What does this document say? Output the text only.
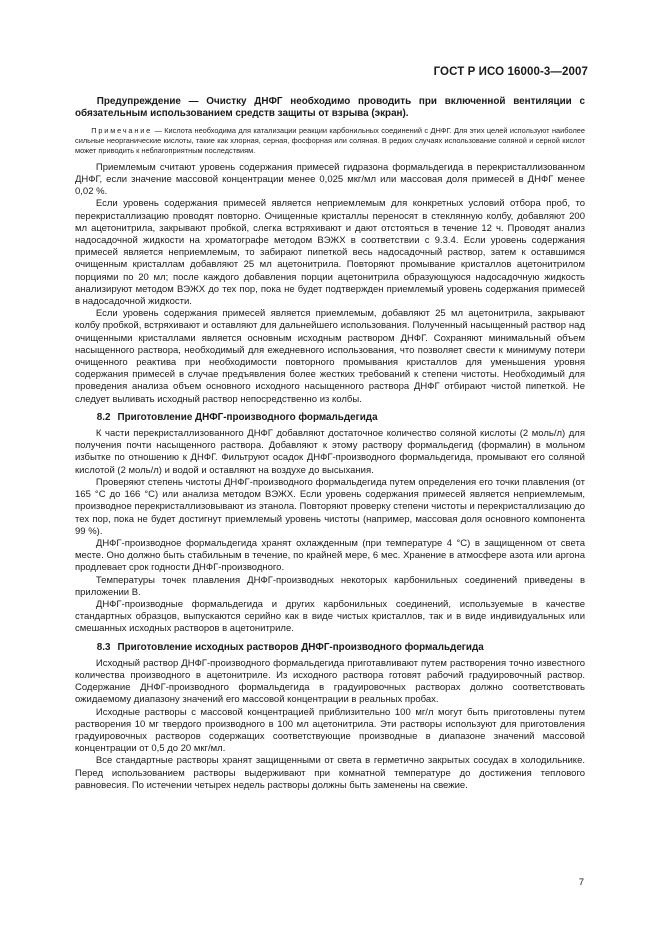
ГОСТ Р ИСО 16000-3—2007

Предупреждение — Очистку ДНФГ необходимо проводить при включенной вентиляции с обязательным использованием средств защиты от взрыва (экран).

Примечание — Кислота необходима для катализации реакции карбонильных соединений с ДНФГ. Для этих целей используют наиболее сильные неорганические кислоты, такие как хлорная, серная, фосфорная или соляная. В редких случаях использование соляной и серной кислот может приводить к неблагоприятным последствиям.

Приемлемым считают уровень содержания примесей гидразона формальдегида в перекристаллизованном ДНФГ, если значение массовой концентрации менее 0,025 мкг/мл или массовая доля примесей в ДНФГ менее 0,02 %.

Если уровень содержания примесей является неприемлемым для конкретных условий отбора проб, то перекристаллизацию проводят повторно. Очищенные кристаллы переносят в стеклянную колбу, добавляют 200 мл ацетонитрила, закрывают пробкой, слегка встряхивают и дают отстояться в течение 12 ч. Проводят анализ надосадочной жидкости на хроматографе методом ВЭЖХ в соответствии с 9.3.4. Если уровень содержания примесей является неприемлемым, то забирают пипеткой весь надосадочный раствор, затем к оставшимся очищенным кристаллам добавляют 25 мл ацетонитрила. Повторяют промывание кристаллов ацетонитрилом порциями по 20 мл; после каждого добавления порции ацетонитрила образующуюся надосадочную жидкость анализируют методом ВЭЖХ до тех пор, пока не будет подтвержден приемлемый уровень содержания примесей в надосадочной жидкости.

Если уровень содержания примесей является приемлемым, добавляют 25 мл ацетонитрила, закрывают колбу пробкой, встряхивают и оставляют для дальнейшего использования. Полученный насыщенный раствор над очищенными кристаллами является основным исходным раствором ДНФГ. Сохраняют минимальный объем насыщенного раствора, необходимый для ежедневного использования, что позволяет свести к минимуму потери очищенного реактива при необходимости повторного промывания кристаллов для уменьшения уровня содержания примесей в случае предъявления более жестких требований к степени чистоты. Необходимый для проведения анализа объем основного исходного насыщенного раствора ДНФГ отбирают чистой пипеткой. Не следует выливать исходный раствор непосредственно из колбы.

8.2 Приготовление ДНФГ-производного формальдегида

К части перекристаллизованного ДНФГ добавляют достаточное количество соляной кислоты (2 моль/л) для получения почти насыщенного раствора. Добавляют к этому раствору формальдегид (формалин) в мольном избытке по отношению к ДНФГ. Фильтруют осадок ДНФГ-производного формальдегида, промывают его соляной кислотой (2 моль/л) и водой и оставляют на воздухе до высыхания.

Проверяют степень чистоты ДНФГ-производного формальдегида путем определения его точки плавления (от 165 °С до 166 °С) или анализа методом ВЭЖХ. Если уровень содержания примесей является неприемлемым, производное перекристаллизовывают из этанола. Повторяют проверку степени чистоты и перекристаллизацию до тех пор, пока не будет достигнут приемлемый уровень чистоты (например, массовая доля основного компонента 99 %).

ДНФГ-производное формальдегида хранят охлажденным (при температуре 4 °С) в защищенном от света месте. Оно должно быть стабильным в течение, по крайней мере, 6 мес. Хранение в атмосфере азота или аргона продлевает срок годности ДНФГ-производного.

Температуры точек плавления ДНФГ-производных некоторых карбонильных соединений приведены в приложении В.

ДНФГ-производные формальдегида и других карбонильных соединений, используемые в качестве стандартных образцов, выпускаются серийно как в виде чистых кристаллов, так и в виде индивидуальных или смешанных исходных растворов в ацетонитриле.

8.3 Приготовление исходных растворов ДНФГ-производного формальдегида

Исходный раствор ДНФГ-производного формальдегида приготавливают путем растворения точно известного количества производного в ацетонитриле. Из исходного раствора готовят рабочий градуировочный раствор. Содержание ДНФГ-производного формальдегида в градуировочных растворах должно соответствовать ожидаемому диапазону значений его массовой концентрации в реальных пробах.

Исходные растворы с массовой концентрацией приблизительно 100 мг/л могут быть приготовлены путем растворения 10 мг твердого производного в 100 мл ацетонитрила. Эти растворы используют для приготовления градуировочных растворов содержащих соответствующие производные в диапазоне значений массовой концентрации от 0,5 до 20 мкг/мл.

Все стандартные растворы хранят защищенными от света в герметично закрытых сосудах в холодильнике. Перед использованием растворы выдерживают при комнатной температуре до достижения теплового равновесия. По истечении четырех недель растворы должны быть заменены на свежие.

7
